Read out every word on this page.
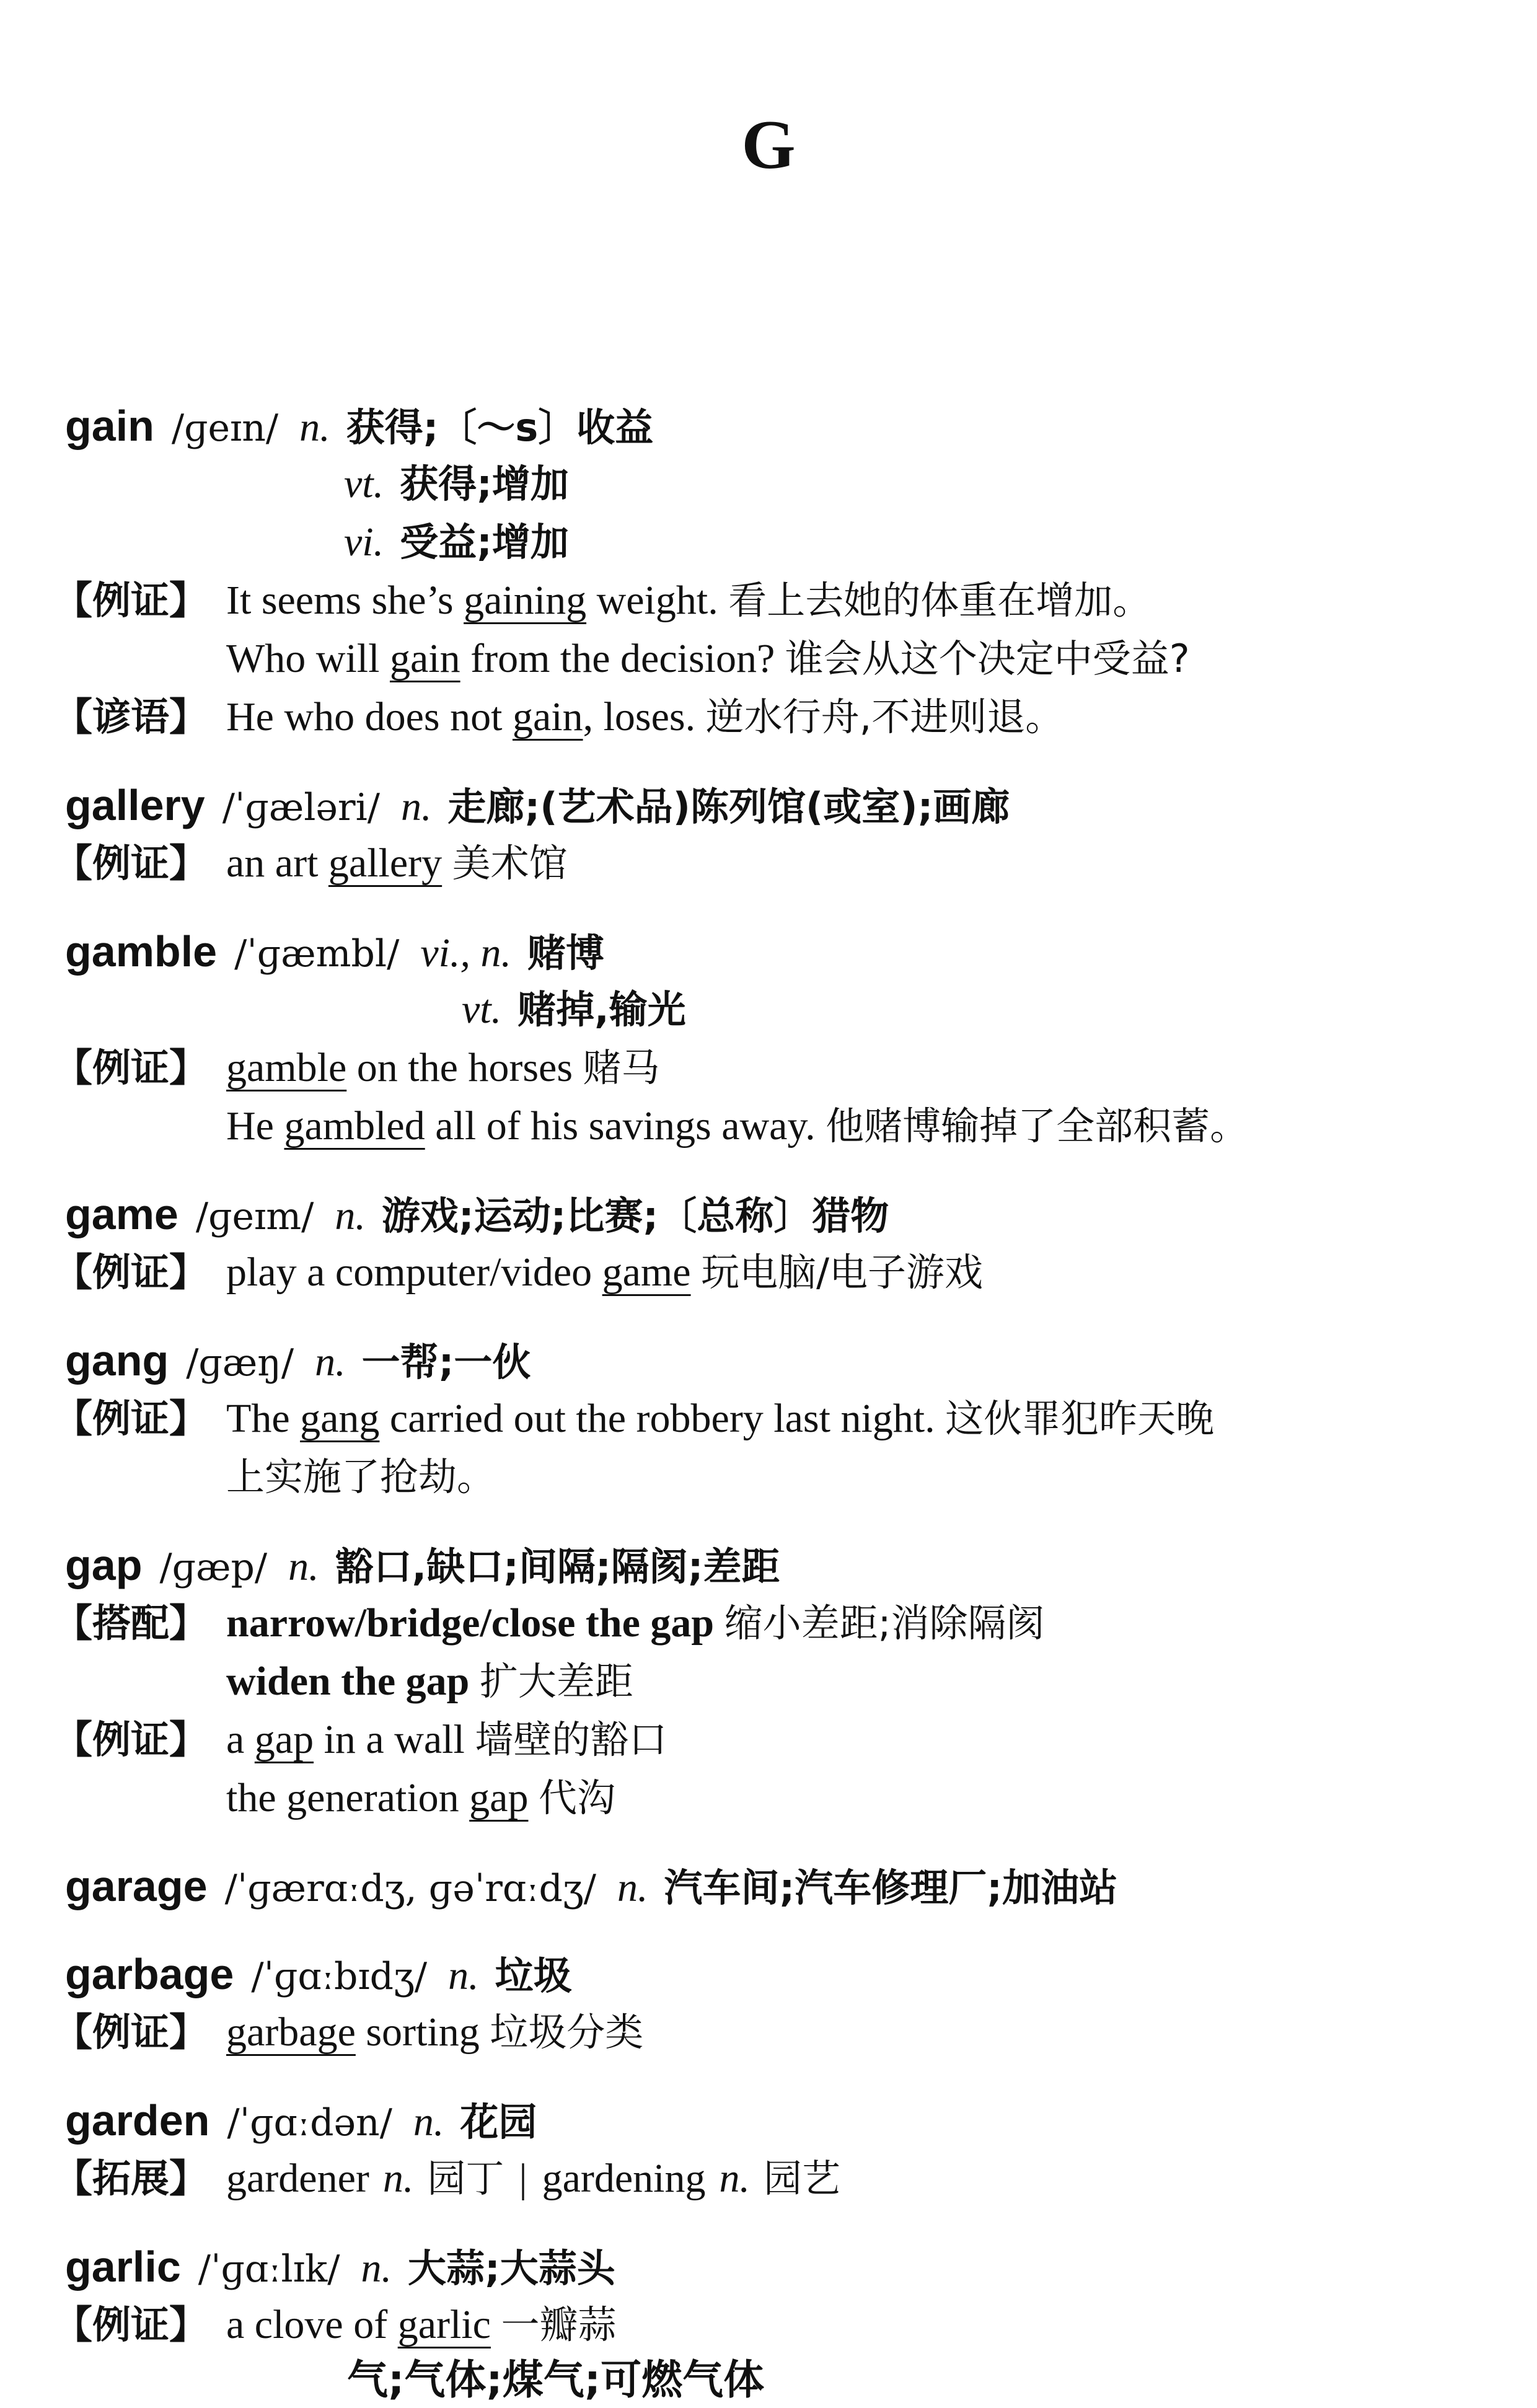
G
gain /ɡeɪn/ n. 获得;〔～s〕收益
vt. 获得;增加
vi. 受益;增加
【例证】 It seems she’s gaining weight. 看上去她的体重在增加。
Who will gain from the decision? 谁会从这个决定中受益?
【谚语】 He who does not gain, loses. 逆水行舟,不进则退。
gallery /ˈɡæləri/ n. 走廊;(艺术品)陈列馆(或室);画廊
【例证】 an art gallery 美术馆
gamble /ˈɡæmbl/ vi., n. 赌博
vt. 赌掉,输光
【例证】 gamble on the horses 赌马
He gambled all of his savings away. 他赌博输掉了全部积蓄。
game /ɡeɪm/ n. 游戏;运动;比赛;〔总称〕猎物
【例证】 play a computer/video game 玩电脑/电子游戏
gang /ɡæŋ/ n. 一帮;一伙
【例证】 The gang carried out the robbery last night. 这伙罪犯昨天晚
上实施了抢劫。
gap /ɡæp/ n. 豁口,缺口;间隔;隔阂;差距
【搭配】 narrow/bridge/close the gap 缩小差距;消除隔阂
widen the gap 扩大差距
【例证】 a gap in a wall 墙壁的豁口
the generation gap 代沟
garage /ˈɡærɑːdʒ, ɡəˈrɑːdʒ/ n. 汽车间;汽车修理厂;加油站
garbage /ˈɡɑːbɪdʒ/ n. 垃圾
【例证】 garbage sorting 垃圾分类
garden /ˈɡɑːdən/ n. 花园
【拓展】 gardener n. 园丁 | gardening n. 园艺
garlic /ˈɡɑːlɪk/ n. 大蒜;大蒜头
【例证】 a clove of garlic 一瓣蒜
气;气体;煤气;可燃气体
